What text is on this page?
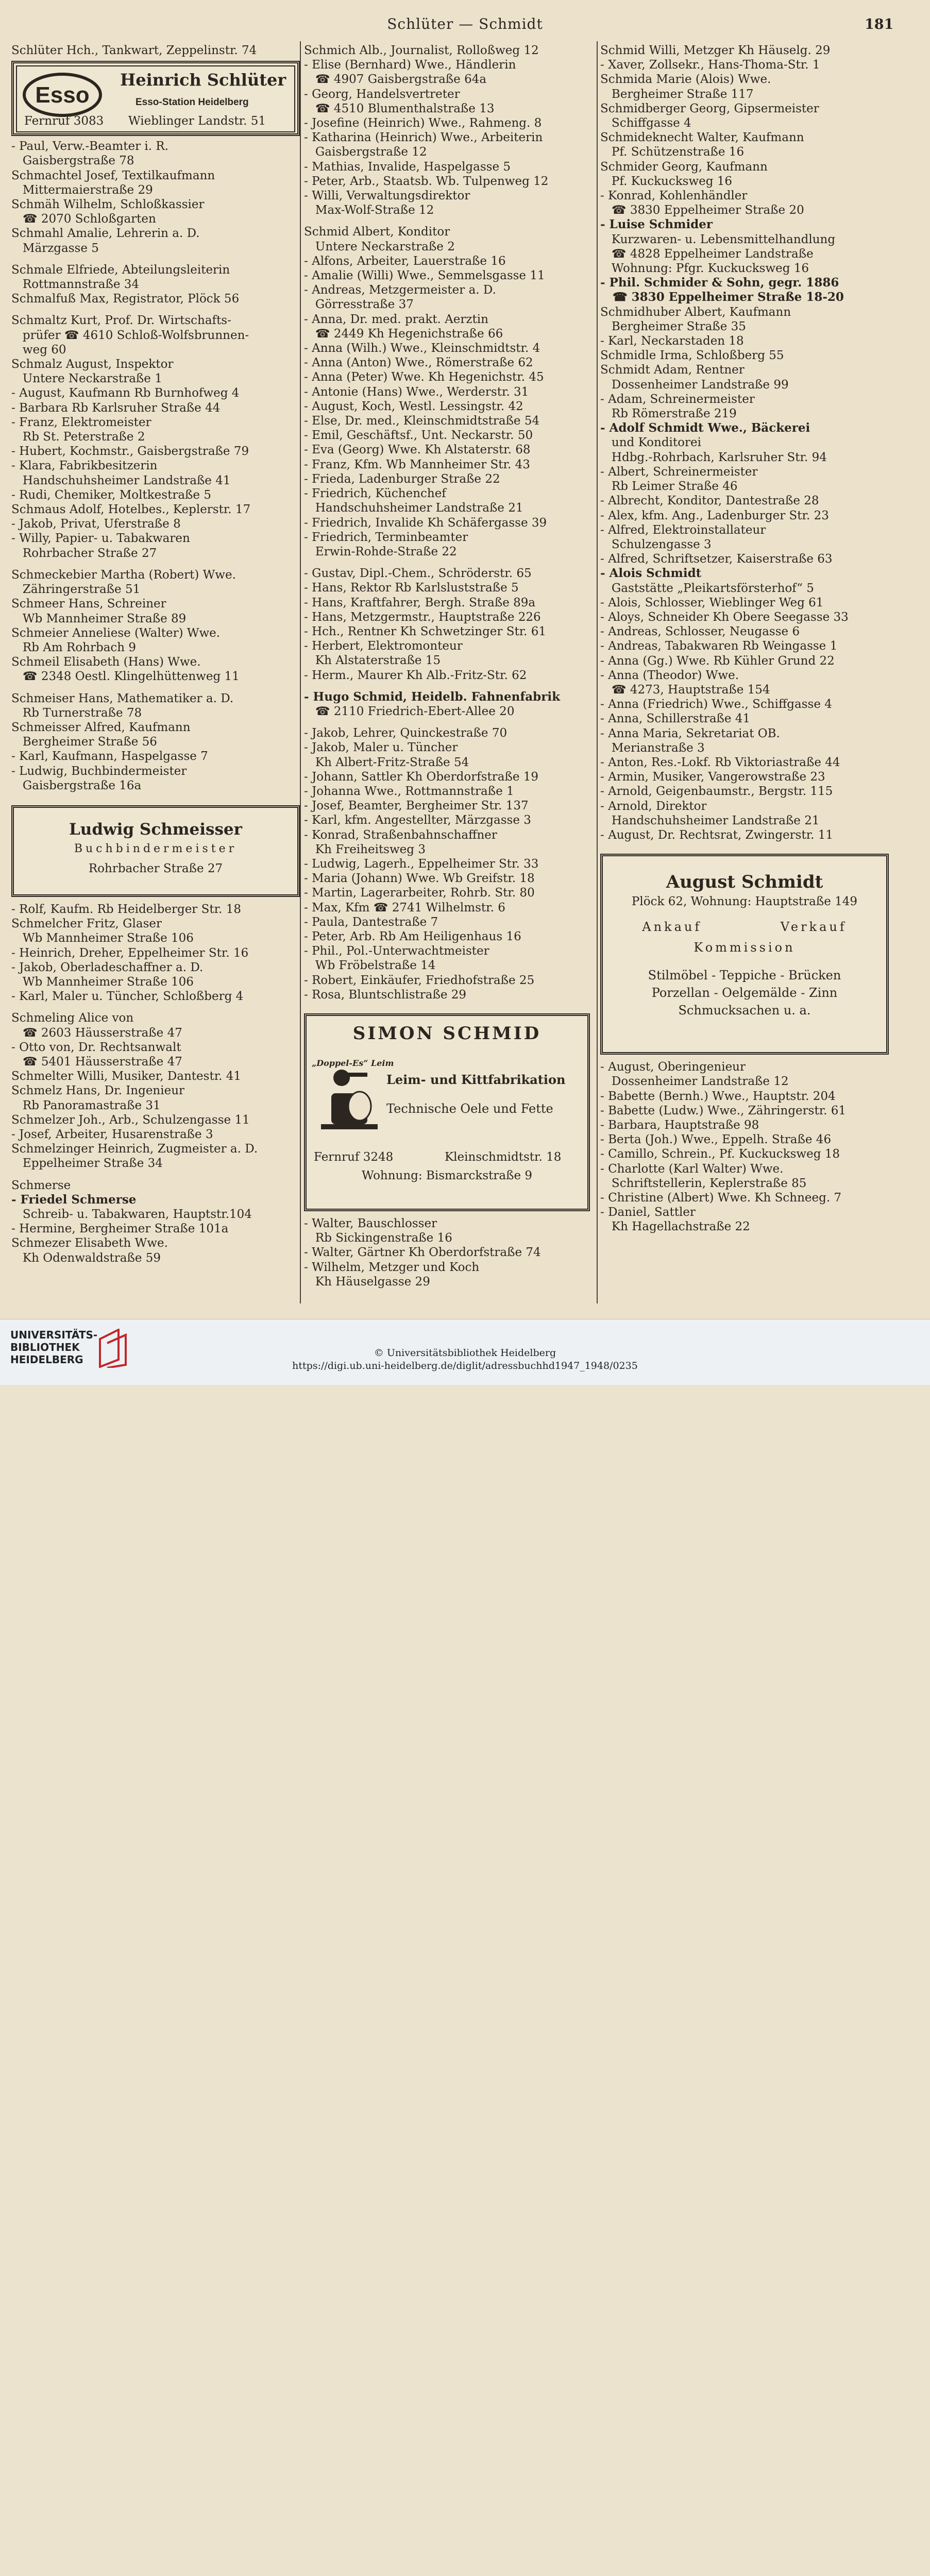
Schlüter — Schmidt	181
Schlüter Hch., Tankwart, Zeppelinstr. 74
Esso
Heinrich Schlüter
Esso-Station Heidelberg
Fernruf 3083 Wieblinger Landstr. 51
- Paul, Verw.-Beamter i. R.
Gaisbergstraße 78
Schmachtel Josef, Textilkaufmann
Mittermaierstraße 29
Schmäh Wilhelm, Schloßkassier
☎ 2070 Schloßgarten
Schmahl Amalie, Lehrerin a. D.
Märzgasse 5
Schmale Elfriede, Abteilungsleiterin
Rottmannstraße 34
Schmalfuß Max, Registrator, Plöck 56
Schmaltz Kurt, Prof. Dr. Wirtschafts-
prüfer ☎ 4610 Schloß-Wolfsbrunnen-
weg 60
Schmalz August, Inspektor
Untere Neckarstraße 1
- August, Kaufmann Rb Burnhofweg 4
- Barbara Rb Karlsruher Straße 44
- Franz, Elektromeister
Rb St. Peterstraße 2
- Hubert, Kochmstr., Gaisbergstraße 79
- Klara, Fabrikbesitzerin
Handschuhsheimer Landstraße 41
- Rudi, Chemiker, Moltkestraße 5
Schmaus Adolf, Hotelbes., Keplerstr. 17
- Jakob, Privat, Uferstraße 8
- Willy, Papier- u. Tabakwaren
Rohrbacher Straße 27
Schmeckebier Martha (Robert) Wwe.
Zähringerstraße 51
Schmeer Hans, Schreiner
Wb Mannheimer Straße 89
Schmeier Anneliese (Walter) Wwe.
Rb Am Rohrbach 9
Schmeil Elisabeth (Hans) Wwe.
☎ 2348 Oestl. Klingelhüttenweg 11
Schmeiser Hans, Mathematiker a. D.
Rb Turnerstraße 78
Schmeisser Alfred, Kaufmann
Bergheimer Straße 56
- Karl, Kaufmann, Haspelgasse 7
- Ludwig, Buchbindermeister
Gaisbergstraße 16a
Ludwig Schmeisser
Buchbindermeister
Rohrbacher Straße 27
- Rolf, Kaufm. Rb Heidelberger Str. 18
Schmelcher Fritz, Glaser
Wb Mannheimer Straße 106
- Heinrich, Dreher, Eppelheimer Str. 16
- Jakob, Oberladeschaffner a. D.
Wb Mannheimer Straße 106
- Karl, Maler u. Tüncher, Schloßberg 4
Schmeling Alice von
☎ 2603 Häusserstraße 47
- Otto von, Dr. Rechtsanwalt
☎ 5401 Häusserstraße 47
Schmelter Willi, Musiker, Dantestr. 41
Schmelz Hans, Dr. Ingenieur
Rb Panoramastraße 31
Schmelzer Joh., Arb., Schulzengasse 11
- Josef, Arbeiter, Husarenstraße 3
Schmelzinger Heinrich, Zugmeister a. D.
Eppelheimer Straße 34
Schmerse
- Friedel Schmerse
Schreib- u. Tabakwaren, Hauptstr.104
- Hermine, Bergheimer Straße 101a
Schmezer Elisabeth Wwe.
Kh Odenwaldstraße 59
Schmich Alb., Journalist, Rolloßweg 12
- Elise (Bernhard) Wwe., Händlerin
☎ 4907 Gaisbergstraße 64a
- Georg, Handelsvertreter
☎ 4510 Blumenthalstraße 13
- Josefine (Heinrich) Wwe., Rahmeng. 8
- Katharina (Heinrich) Wwe., Arbeiterin
Gaisbergstraße 12
- Mathias, Invalide, Haspelgasse 5
- Peter, Arb., Staatsb. Wb. Tulpenweg 12
- Willi, Verwaltungsdirektor
Max-Wolf-Straße 12
Schmid Albert, Konditor
Untere Neckarstraße 2
- Alfons, Arbeiter, Lauerstraße 16
- Amalie (Willi) Wwe., Semmelsgasse 11
- Andreas, Metzgermeister a. D.
Görresstraße 37
- Anna, Dr. med. prakt. Aerztin
☎ 2449 Kh Hegenichstraße 66
- Anna (Wilh.) Wwe., Kleinschmidtstr. 4
- Anna (Anton) Wwe., Römerstraße 62
- Anna (Peter) Wwe. Kh Hegenichstr. 45
- Antonie (Hans) Wwe., Werderstr. 31
- August, Koch, Westl. Lessingstr. 42
- Else, Dr. med., Kleinschmidtstraße 54
- Emil, Geschäftsf., Unt. Neckarstr. 50
- Eva (Georg) Wwe. Kh Alstaterstr. 68
- Franz, Kfm. Wb Mannheimer Str. 43
- Frieda, Ladenburger Straße 22
- Friedrich, Küchenchef
Handschuhsheimer Landstraße 21
- Friedrich, Invalide Kh Schäfergasse 39
- Friedrich, Terminbeamter
Erwin-Rohde-Straße 22
- Gustav, Dipl.-Chem., Schröderstr. 65
- Hans, Rektor Rb Karlsluststraße 5
- Hans, Kraftfahrer, Bergh. Straße 89a
- Hans, Metzgermstr., Hauptstraße 226
- Hch., Rentner Kh Schwetzinger Str. 61
- Herbert, Elektromonteur
Kh Alstaterstraße 15
- Herm., Maurer Kh Alb.-Fritz-Str. 62
- Hugo Schmid, Heidelb. Fahnenfabrik
☎ 2110 Friedrich-Ebert-Allee 20
- Jakob, Lehrer, Quinckestraße 70
- Jakob, Maler u. Tüncher
Kh Albert-Fritz-Straße 54
- Johann, Sattler Kh Oberdorfstraße 19
- Johanna Wwe., Rottmannstraße 1
- Josef, Beamter, Bergheimer Str. 137
- Karl, kfm. Angestellter, Märzgasse 3
- Konrad, Straßenbahnschaffner
Kh Freiheitsweg 3
- Ludwig, Lagerh., Eppelheimer Str. 33
- Maria (Johann) Wwe. Wb Greifstr. 18
- Martin, Lagerarbeiter, Rohrb. Str. 80
- Max, Kfm ☎ 2741 Wilhelmstr. 6
- Paula, Dantestraße 7
- Peter, Arb. Rb Am Heiligenhaus 16
- Phil., Pol.-Unterwachtmeister
Wb Fröbelstraße 14
- Robert, Einkäufer, Friedhofstraße 25
- Rosa, Bluntschlistraße 29
SIMON SCHMID
„Doppel-Es“ Leim
Leim- und Kittfabrikation
Technische Oele und Fette
Fernruf 3248	Kleinschmidtstr. 18
Wohnung: Bismarckstraße 9
- Walter, Bauschlosser
Rb Sickingenstraße 16
- Walter, Gärtner Kh Oberdorfstraße 74
- Wilhelm, Metzger und Koch
Kh Häuselgasse 29
Schmid Willi, Metzger Kh Häuselg. 29
- Xaver, Zollsekr., Hans-Thoma-Str. 1
Schmida Marie (Alois) Wwe.
Bergheimer Straße 117
Schmidberger Georg, Gipsermeister
Schiffgasse 4
Schmideknecht Walter, Kaufmann
Pf. Schützenstraße 16
Schmider Georg, Kaufmann
Pf. Kuckucksweg 16
- Konrad, Kohlenhändler
☎ 3830 Eppelheimer Straße 20
- Luise Schmider
Kurzwaren- u. Lebensmittelhandlung
☎ 4828 Eppelheimer Landstraße
Wohnung: Pfgr. Kuckucksweg 16
- Phil. Schmider & Sohn, gegr. 1886
☎ 3830 Eppelheimer Straße 18-20
Schmidhuber Albert, Kaufmann
Bergheimer Straße 35
- Karl, Neckarstaden 18
Schmidle Irma, Schloßberg 55
Schmidt Adam, Rentner
Dossenheimer Landstraße 99
- Adam, Schreinermeister
Rb Römerstraße 219
- Adolf Schmidt Wwe., Bäckerei
und Konditorei
Hdbg.-Rohrbach, Karlsruher Str. 94
- Albert, Schreinermeister
Rb Leimer Straße 46
- Albrecht, Konditor, Dantestraße 28
- Alex, kfm. Ang., Ladenburger Str. 23
- Alfred, Elektroinstallateur
Schulzengasse 3
- Alfred, Schriftsetzer, Kaiserstraße 63
- Alois Schmidt
Gaststätte „Pleikartsförsterhof“ 5
- Alois, Schlosser, Wieblinger Weg 61
- Aloys, Schneider Kh Obere Seegasse 33
- Andreas, Schlosser, Neugasse 6
- Andreas, Tabakwaren Rb Weingasse 1
- Anna (Gg.) Wwe. Rb Kühler Grund 22
- Anna (Theodor) Wwe.
☎ 4273, Hauptstraße 154
- Anna (Friedrich) Wwe., Schiffgasse 4
- Anna, Schillerstraße 41
- Anna Maria, Sekretariat OB.
Merianstraße 3
- Anton, Res.-Lokf. Rb Viktoriastraße 44
- Armin, Musiker, Vangerowstraße 23
- Arnold, Geigenbaumstr., Bergstr. 115
- Arnold, Direktor
Handschuhsheimer Landstraße 21
- August, Dr. Rechtsrat, Zwingerstr. 11
August Schmidt
Plöck 62, Wohnung: Hauptstraße 149
Ankauf	Verkauf
Kommission
Stilmöbel - Teppiche - Brücken
Porzellan - Oelgemälde - Zinn
Schmucksachen u. a.
- August, Oberingenieur
Dossenheimer Landstraße 12
- Babette (Bernh.) Wwe., Hauptstr. 204
- Babette (Ludw.) Wwe., Zähringerstr. 61
- Barbara, Hauptstraße 98
- Berta (Joh.) Wwe., Eppelh. Straße 46
- Camillo, Schrein., Pf. Kuckucksweg 18
- Charlotte (Karl Walter) Wwe.
Schriftstellerin, Keplerstraße 85
- Christine (Albert) Wwe. Kh Schneeg. 7
- Daniel, Sattler
Kh Hagellachstraße 22
UNIVERSITÄTS-
BIBLIOTHEK
HEIDELBERG
© Universitätsbibliothek Heidelberg
https://digi.ub.uni-heidelberg.de/diglit/adressbuchhd1947_1948/0235
